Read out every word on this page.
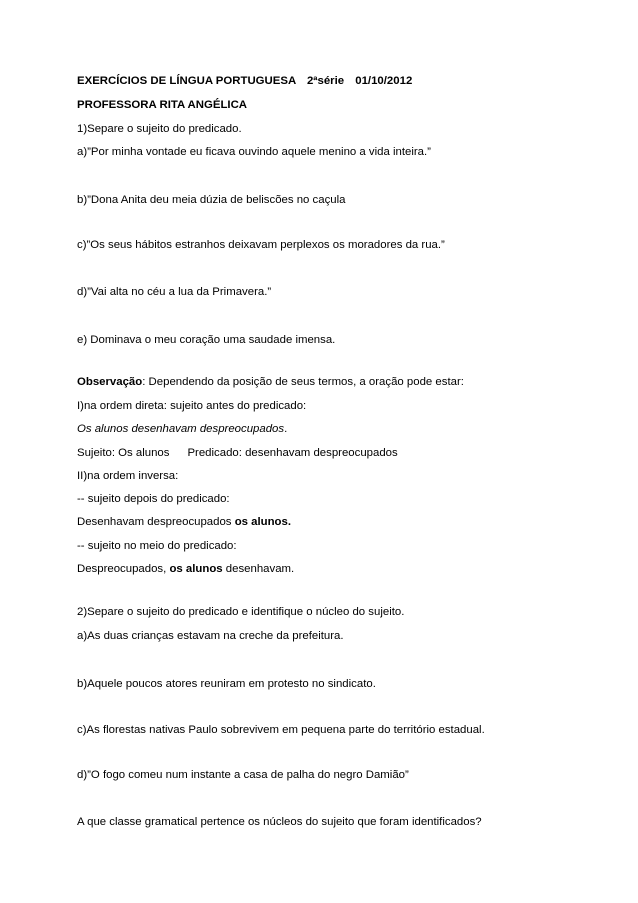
EXERCÍCIOS DE LÍNGUA PORTUGUESA 2ªsérie 01/10/2012
PROFESSORA RITA ANGÉLICA
1)Separe o sujeito do predicado.
a)”Por minha vontade eu ficava ouvindo aquele menino a vida inteira.”
b)”Dona Anita deu meia dúzia de beliscões no caçula
c)”Os seus hábitos estranhos deixavam perplexos os moradores da rua.”
d)”Vai alta no céu a lua da Primavera.”
e) Dominava o meu coração uma saudade imensa.
Observação: Dependendo da posição de seus termos, a oração pode estar:
I)na ordem direta: sujeito antes do predicado:
Os alunos desenhavam despreocupados.
Sujeito: Os alunos Predicado: desenhavam despreocupados
II)na ordem inversa:
-- sujeito depois do predicado:
Desenhavam despreocupados os alunos.
-- sujeito no meio do predicado:
Despreocupados, os alunos desenhavam.
2)Separe o sujeito do predicado e identifique o núcleo do sujeito.
a)As duas crianças estavam na creche da prefeitura.
b)Aquele poucos atores reuniram em protesto no sindicato.
c)As florestas nativas Paulo sobrevivem em pequena parte do território estadual.
d)”O fogo comeu num instante a casa de palha do negro Damião”
A que classe gramatical pertence os núcleos do sujeito que foram identificados?
